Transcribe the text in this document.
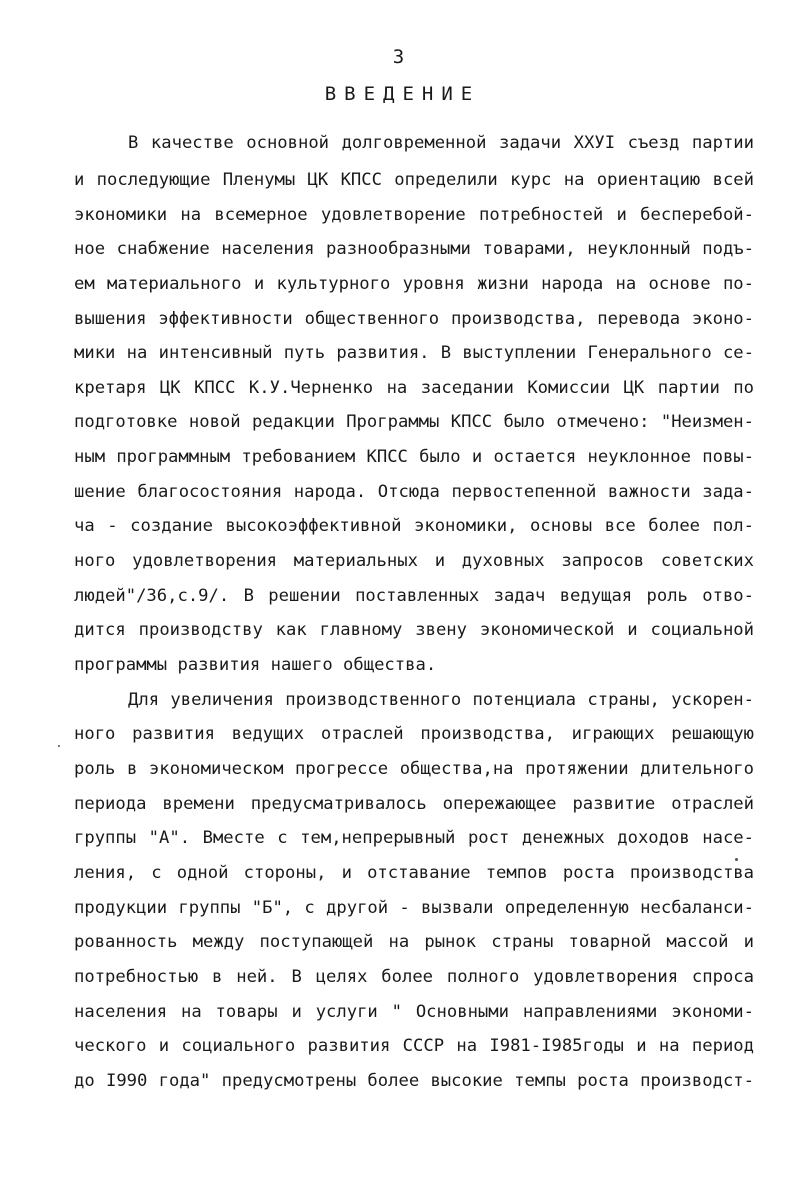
3
ВВЕДЕНИЕ
В качестве основной долговременной задачи ХХУI съезд партии
и последующие Пленумы ЦК КПСС определили курс на ориентацию всей
экономики на всемерное удовлетворение потребностей и бесперебой-
ное снабжение населения разнообразными товарами, неуклонный подъ-
ем материального и культурного уровня жизни народа на основе по-
вышения эффективности общественного производства, перевода эконо-
мики на интенсивный путь развития. В выступлении Генерального се-
кретаря ЦК КПСС К.У.Черненко на заседании Комиссии ЦК партии по
подготовке новой редакции Программы КПСС было отмечено: "Неизмен-
ным программным требованием КПСС было и остается неуклонное повы-
шение благосостояния народа. Отсюда первостепенной важности зада-
ча - создание высокоэффективной экономики, основы все более пол-
ного удовлетворения материальных и духовных запросов советских
людей"/36,с.9/. В решении поставленных задач ведущая роль отво-
дится производству как главному звену экономической и социальной
программы развития нашего общества.
Для увеличения производственного потенциала страны, ускорен-
ного развития ведущих отраслей производства, играющих решающую
роль в экономическом прогрессе общества,на протяжении длительного
периода времени предусматривалось опережающее развитие отраслей
группы "А". Вместе с тем,непрерывный рост денежных доходов насе-
ления, с одной стороны, и отставание темпов роста производства
продукции группы "Б", с другой - вызвали определенную несбаланси-
рованность между поступающей на рынок страны товарной массой и
потребностью в ней. В целях более полного удовлетворения спроса
населения на товары и услуги " Основными направлениями экономи-
ческого и социального развития СССР на I981-I985годы и на период
до I990 года" предусмотрены более высокие темпы роста производст-
